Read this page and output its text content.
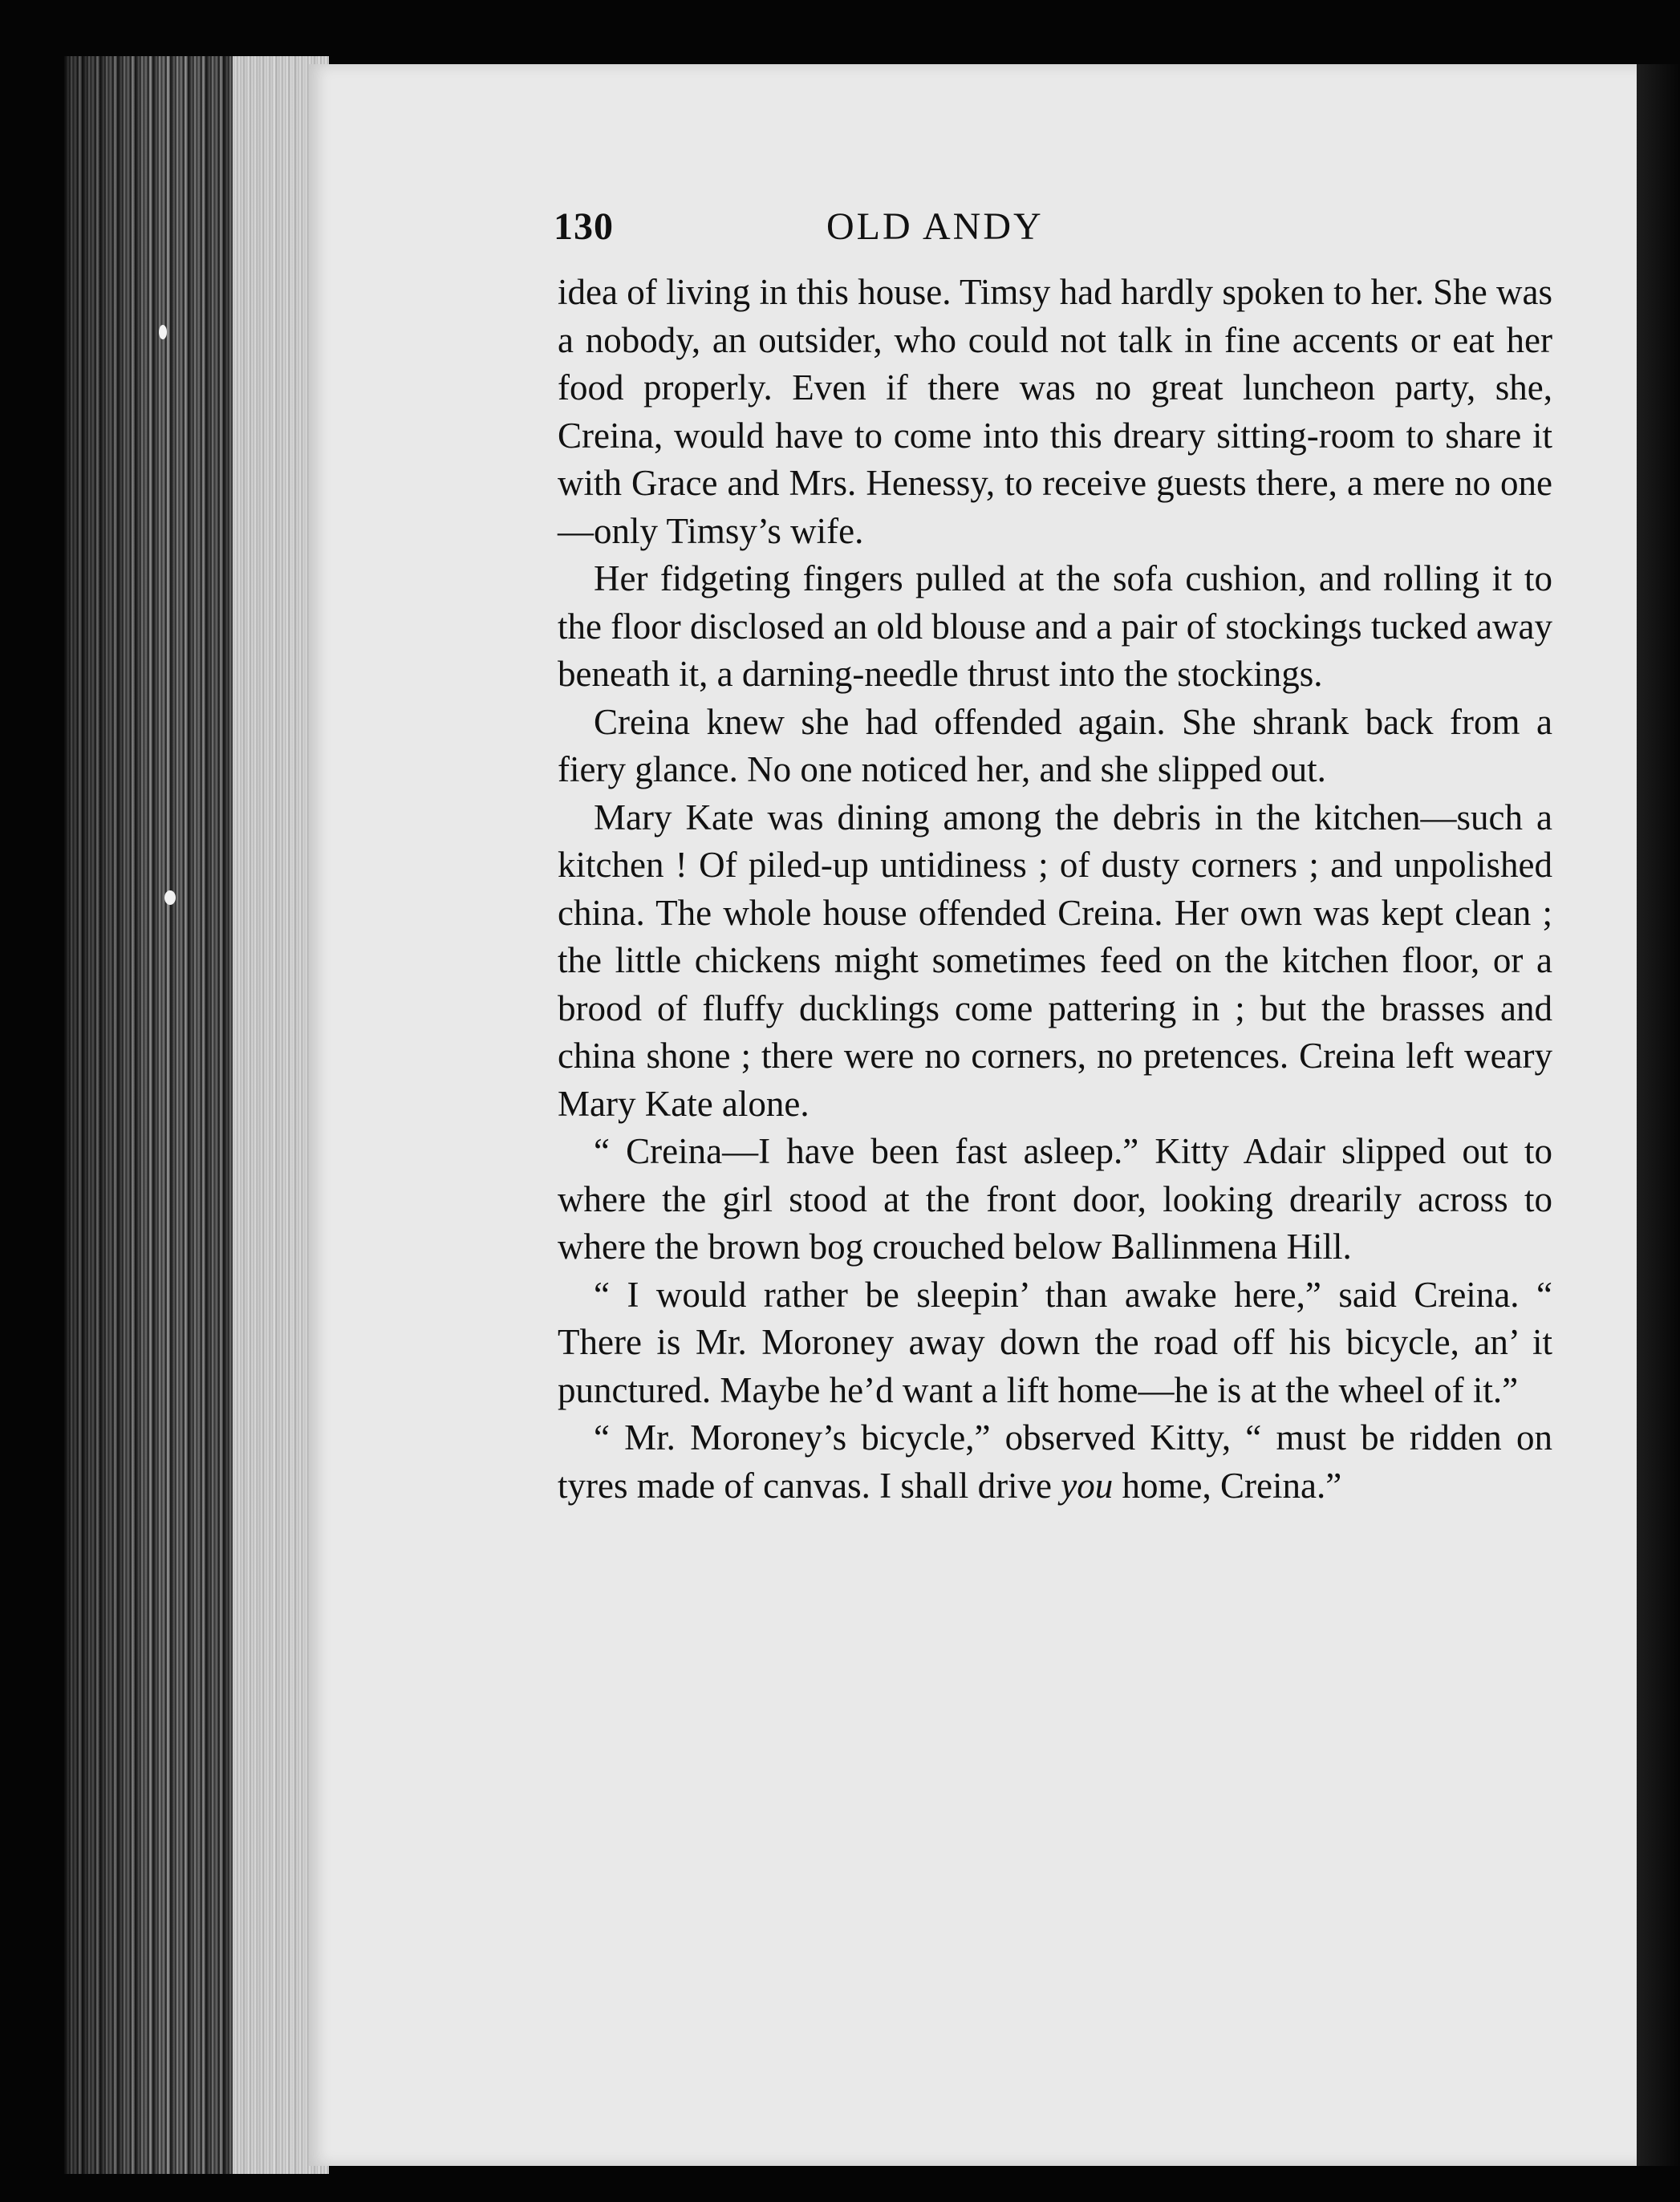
130	OLD ANDY

idea of living in this house. Timsy had hardly spoken to her. She was a nobody, an outsider, who could not talk in fine accents or eat her food properly. Even if there was no great luncheon party, she, Creina, would have to come into this dreary sitting-room to share it with Grace and Mrs. Henessy, to receive guests there, a mere no one—only Timsy’s wife.

Her fidgeting fingers pulled at the sofa cushion, and rolling it to the floor disclosed an old blouse and a pair of stockings tucked away beneath it, a darning-needle thrust into the stockings.

Creina knew she had offended again. She shrank back from a fiery glance. No one noticed her, and she slipped out.

Mary Kate was dining among the debris in the kitchen—such a kitchen ! Of piled-up untidiness ; of dusty corners ; and unpolished china. The whole house offended Creina. Her own was kept clean ; the little chickens might sometimes feed on the kitchen floor, or a brood of fluffy ducklings come pattering in ; but the brasses and china shone ; there were no corners, no pretences. Creina left weary Mary Kate alone.

“ Creina—I have been fast asleep.” Kitty Adair slipped out to where the girl stood at the front door, looking drearily across to where the brown bog crouched below Ballinmena Hill.

“ I would rather be sleepin’ than awake here,” said Creina. “ There is Mr. Moroney away down the road off his bicycle, an’ it punctured. Maybe he’d want a lift home—he is at the wheel of it.”

“ Mr. Moroney’s bicycle,” observed Kitty, “ must be ridden on tyres made of canvas. I shall drive you home, Creina.”
